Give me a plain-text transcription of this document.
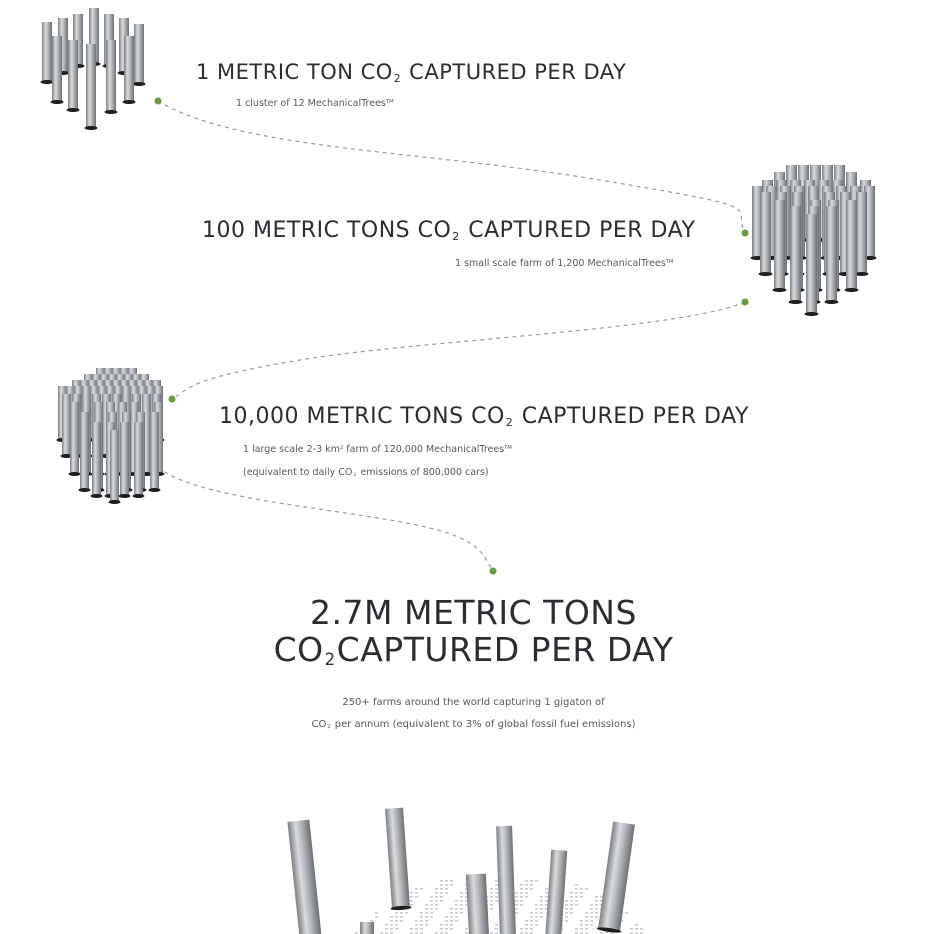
1 METRIC TON $CO_2$ CAPTURED PER DAY
1 cluster of 12 MechanicalTrees™
100 METRIC TONS $CO_2$ CAPTURED PER DAY
1 small scale farm of 1,200 MechanicalTrees™
10,000 METRIC TONS $CO_2$ CAPTURED PER DAY
1 large scale 2-3 $km^2$ farm of 120,000 MechanicalTrees™
(equivalent to daily $CO_2$ emissions of 800,000 cars)
2.7M METRIC TONS
$CO_2CAPTURED$ PER DAY
250+ farms around the world capturing 1 gigaton of
$CO_2$ per annum (equivalent to 3% of global fossil fuel emissions)
